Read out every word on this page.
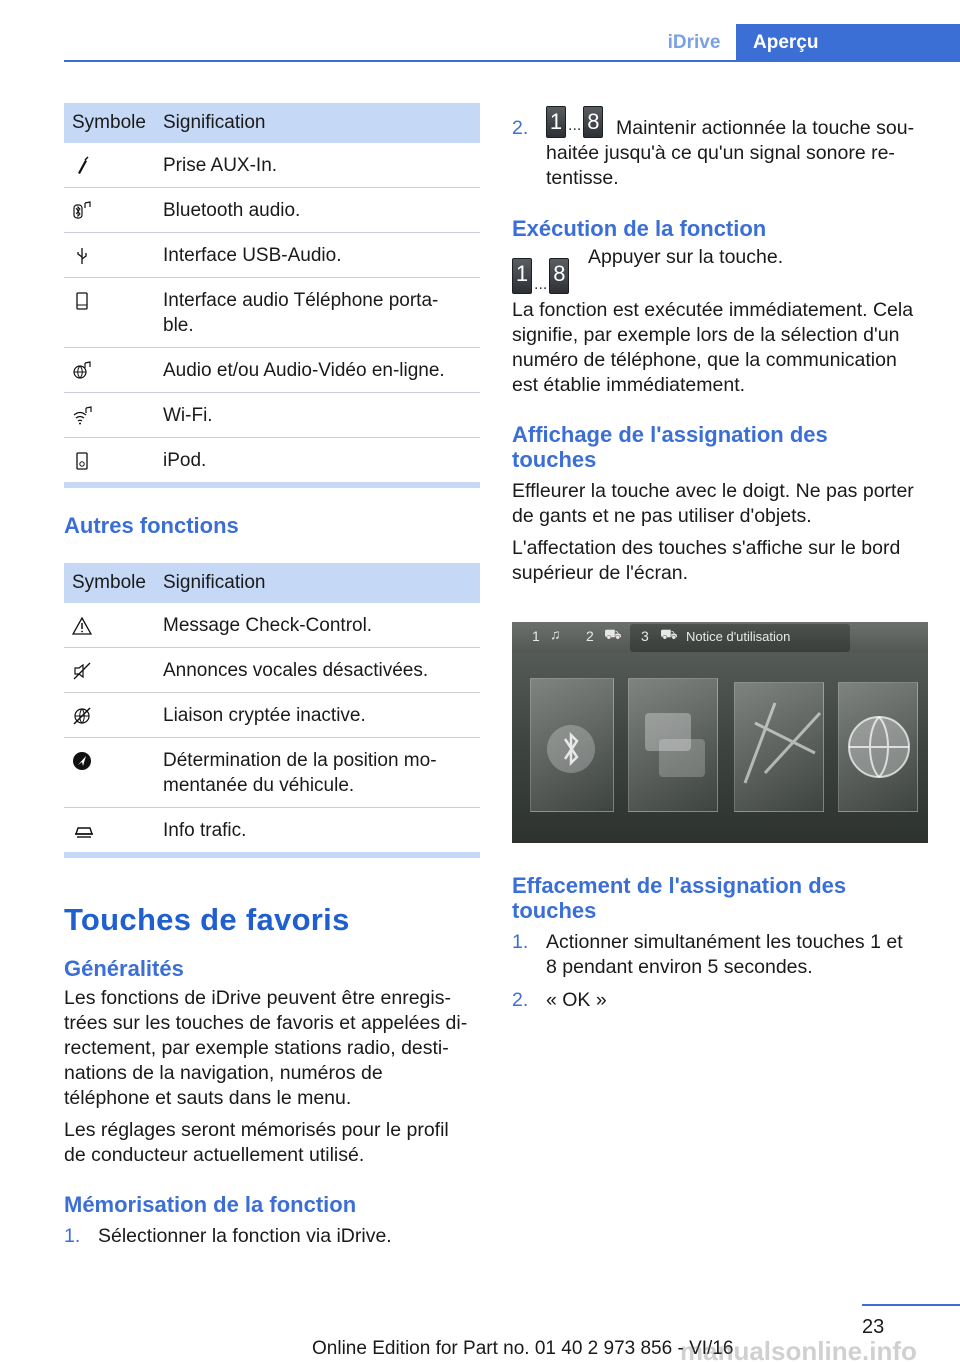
iDrive	Aperçu
Symbole	Signification
	Prise AUX-In.
	Bluetooth audio.
	Interface USB-Audio.
	Interface audio Téléphone porta-
ble.
	Audio et/ou Audio-Vidéo en-ligne.
	Wi-Fi.
	iPod.
Autres fonctions
Symbole	Signification
	Message Check-Control.
	Annonces vocales désactivées.
	Liaison cryptée inactive.
	Détermination de la position mo-
mentanée du véhicule.
	Info trafic.
Touches de favoris
Généralités

Les fonctions de iDrive peuvent être enregis-
trées sur les touches de favoris et appelées di-
rectement, par exemple stations radio, desti-
nations de la navigation, numéros de
téléphone et sauts dans le menu.

Les réglages seront mémorisés pour le profil
de conducteur actuellement utilisé.

Mémorisation de la fonction
1. Sélectionner la fonction via iDrive.
2. 1 ... 8 Maintenir actionnée la touche sou-
haitée jusqu'à ce qu'un signal sonore re-
tentisse.
Exécution de la fonction
1 ... 8
Appuyer sur la touche.

La fonction est exécutée immédiatement. Cela
signifie, par exemple lors de la sélection d'un
numéro de téléphone, que la communication
est établie immédiatement.

Affichage de l'assignation des
touches

Effleurer la touche avec le doigt. Ne pas porter
de gants et ne pas utiliser d'objets.

L'affectation des touches s'affiche sur le bord
supérieur de l'écran.

1 ♫ 2 ⛟ 3 ⛟ Notice d'utilisation
Effacement de l'assignation des
touches
1. Actionner simultanément les touches 1 et
8 pendant environ 5 secondes.
2. « OK »
23
Online Edition for Part no. 01 40 2 973 856 - VI/16
manualsonline.info
